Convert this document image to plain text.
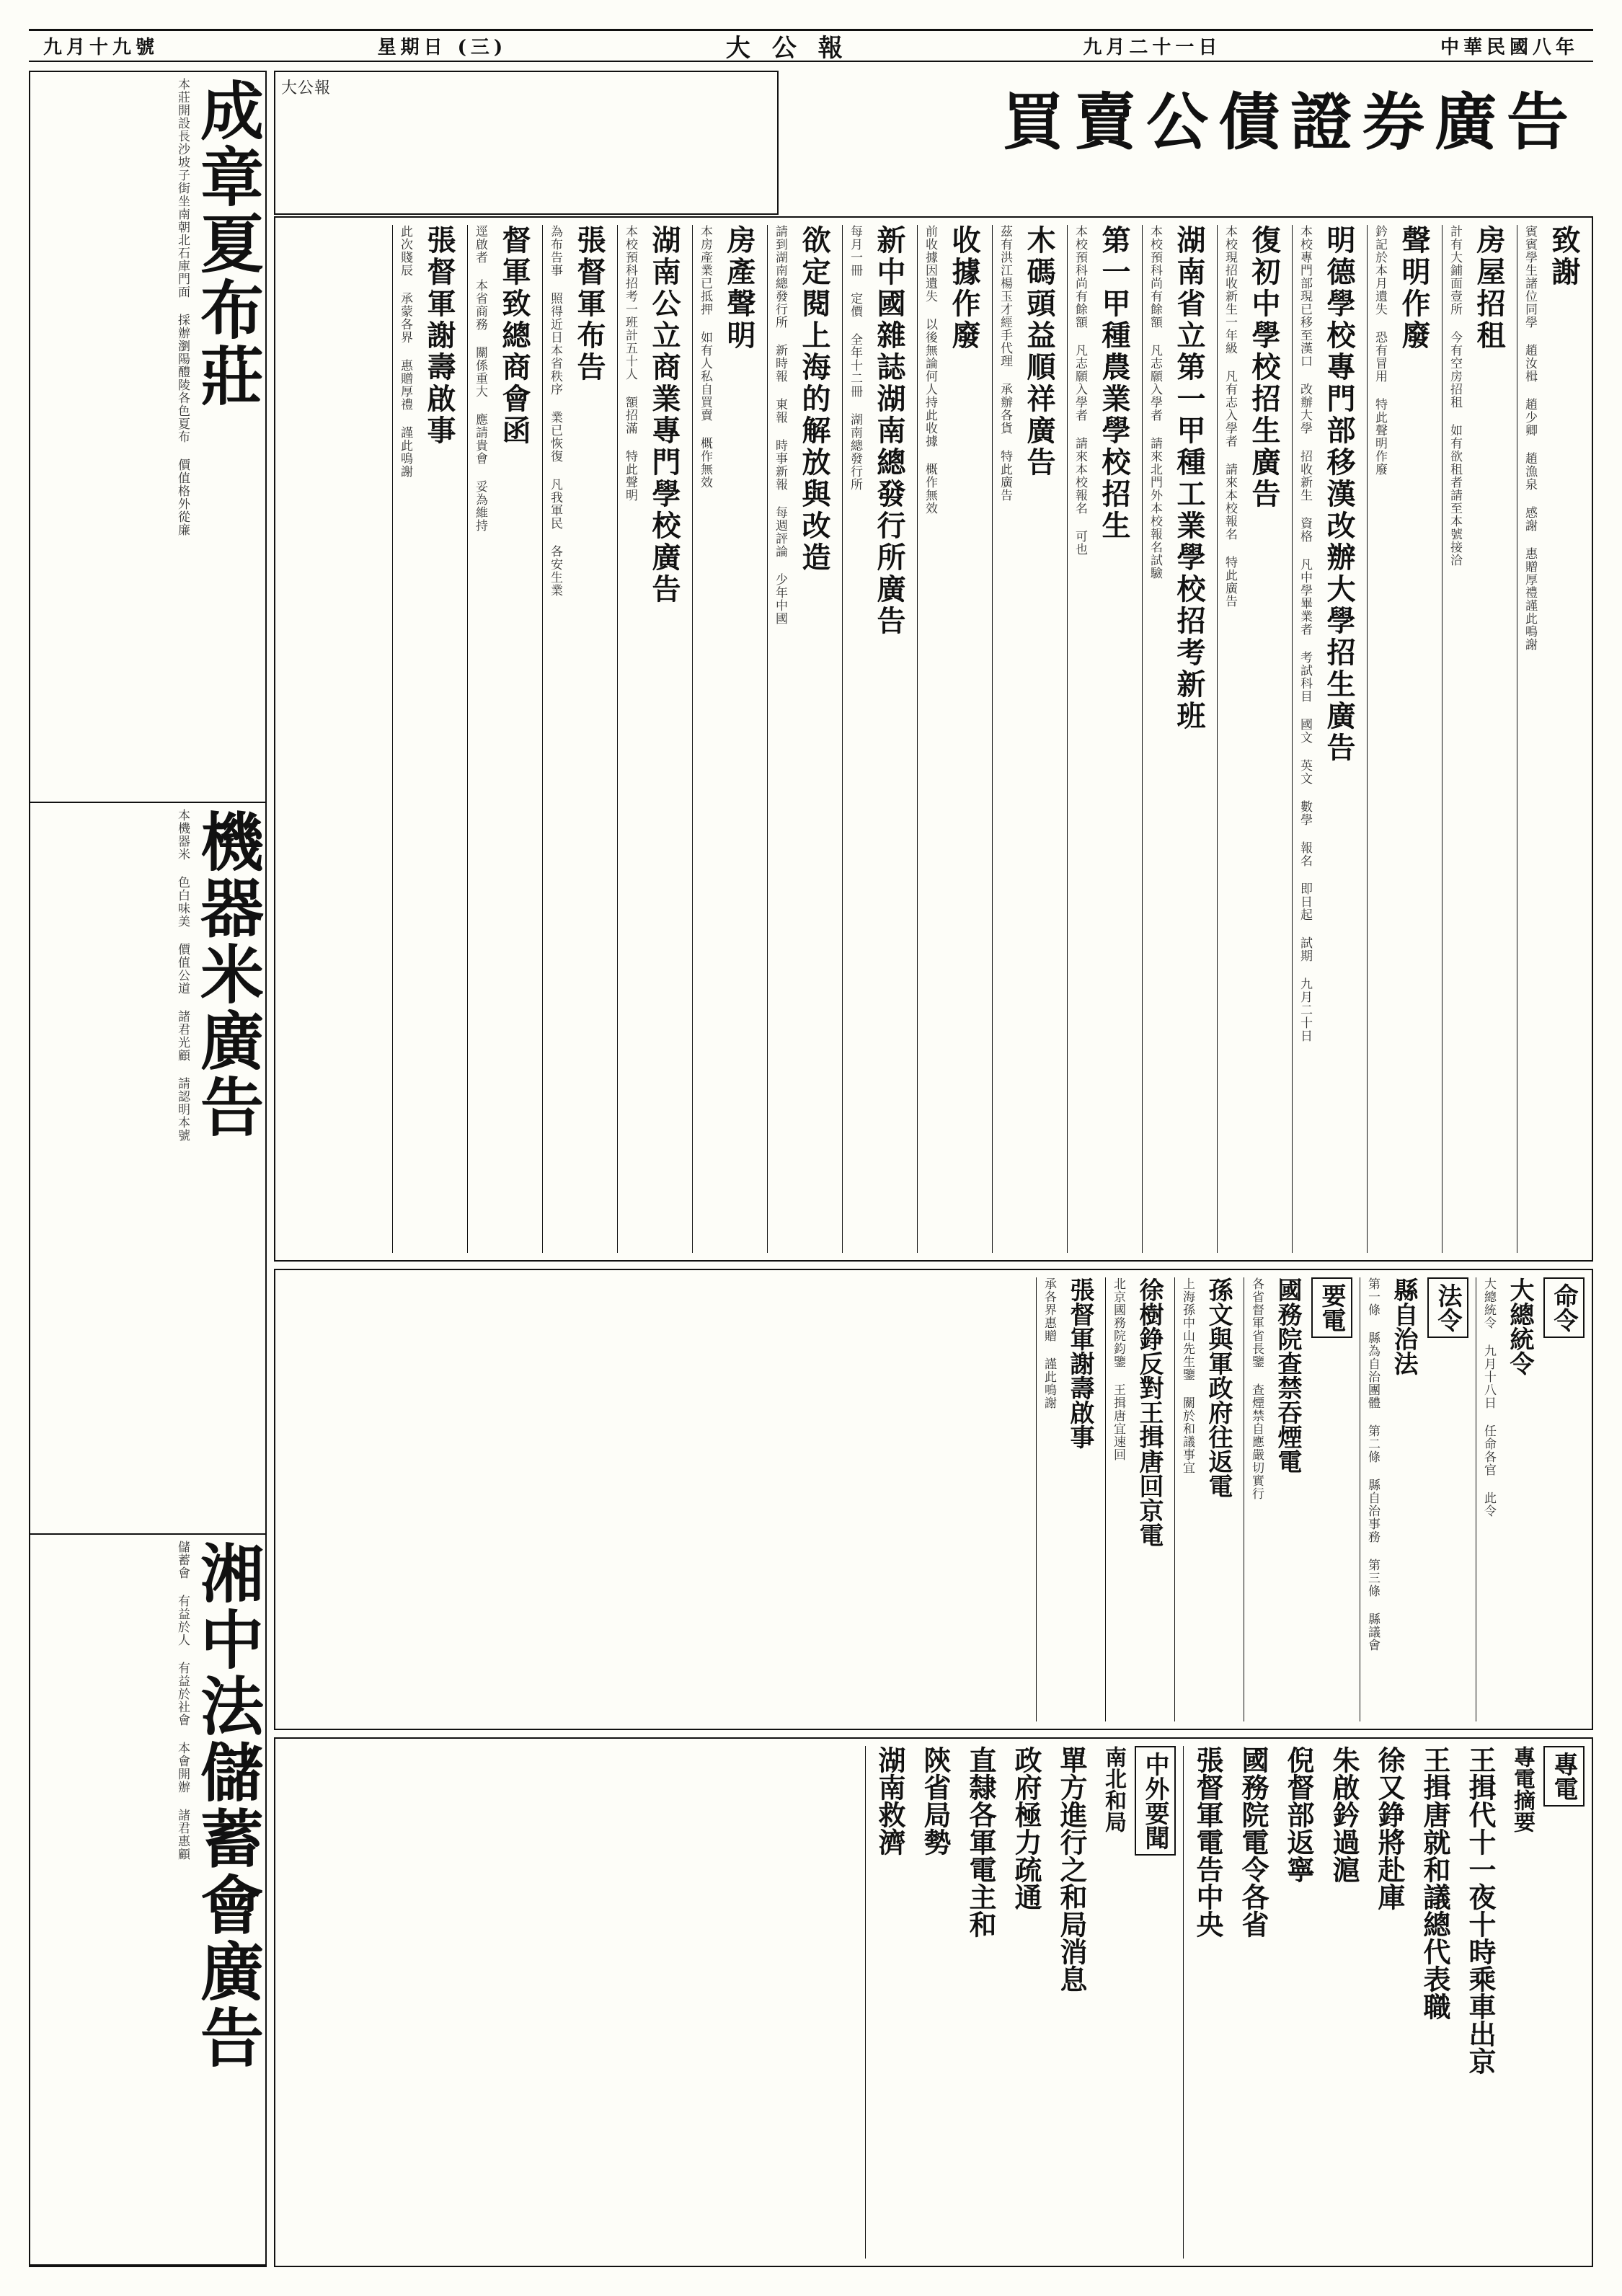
九月十九號	星期日 (三)	大公報	九月二十一日	中華民國八年
買賣公債證券廣告
大公報
致謝
賓賓學生諸位同學 趙汝楫 趙少卿 趙漁泉 感謝 惠贈厚禮謹此鳴謝
房屋招租
計有大鋪面壹所 今有空房招租 如有欲租者請至本號接洽
聲明作廢
鈐記於本月遺失 恐有冒用 特此聲明作廢
明德學校專門部移漢改辦大學招生廣告
本校專門部現已移至漢口 改辦大學 招收新生 資格 凡中學畢業者 考試科目 國文 英文 數學 報名 即日起 試期 九月二十日
復初中學校招生廣告
本校現招收新生一年級 凡有志入學者 請來本校報名 特此廣告
湖南省立第一甲種工業學校招考新班
本校預科尚有餘額 凡志願入學者 請來北門外本校報名試驗
第一甲種農業學校招生
本校預科尚有餘額 凡志願入學者 請來本校報名 可也
木碼頭益順祥廣告
茲有洪江楊玉才經手代理 承辦各貨 特此廣告
收據作廢
前收據因遺失 以後無論何人持此收據 概作無效
新中國雜誌湖南總發行所廣告
每月一冊 定價 全年十二冊 湖南總發行所
欲定閱上海的解放與改造
請到湖南總發行所 新時報 東報 時事新報 每週評論 少年中國
房產聲明
本房產業已抵押 如有人私自買賣 概作無效
湖南公立商業專門學校廣告
本校預科招考一班計五十人 額招滿 特此聲明
張督軍布告
為布告事 照得近日本省秩序 業已恢復 凡我軍民 各安生業
督軍致總商會函
逕啟者 本省商務 關係重大 應請貴會 妥為維持
張督軍謝壽啟事
此次賤辰 承蒙各界 惠贈厚禮 謹此鳴謝
成章夏布莊
本莊開設長沙坡子街坐南朝北石庫門面 採辦瀏陽醴陵各色夏布 價值格外從廉
機器米廣告
本機器米 色白味美 價值公道 諸君光顧 請認明本號
湘中法儲蓄會廣告
儲蓄會 有益於人 有益於社會 本會開辦 諸君惠顧
命令
大總統令
大總統令 九月十八日 任命各官 此令
法令
縣自治法
第一條 縣為自治團體 第二條 縣自治事務 第三條 縣議會
要電
國務院查禁吞煙電
各省督軍省長鑒 查煙禁自應嚴切實行
孫文與軍政府往返電
上海孫中山先生鑒 關於和議事宜
徐樹錚反對王揖唐回京電
北京國務院鈞鑒 王揖唐宜速回
張督軍謝壽啟事
承各界惠贈 謹此鳴謝
專電
專電摘要
王揖代十一夜十時乘車出京
王揖唐就和議總代表職
徐又錚將赴庫
朱啟鈐過滬
倪督部返寧
國務院電令各省
張督軍電告中央
中外要聞
南北和局
單方進行之和局消息
政府極力疏通
直隸各軍電主和
陝省局勢
湖南救濟
